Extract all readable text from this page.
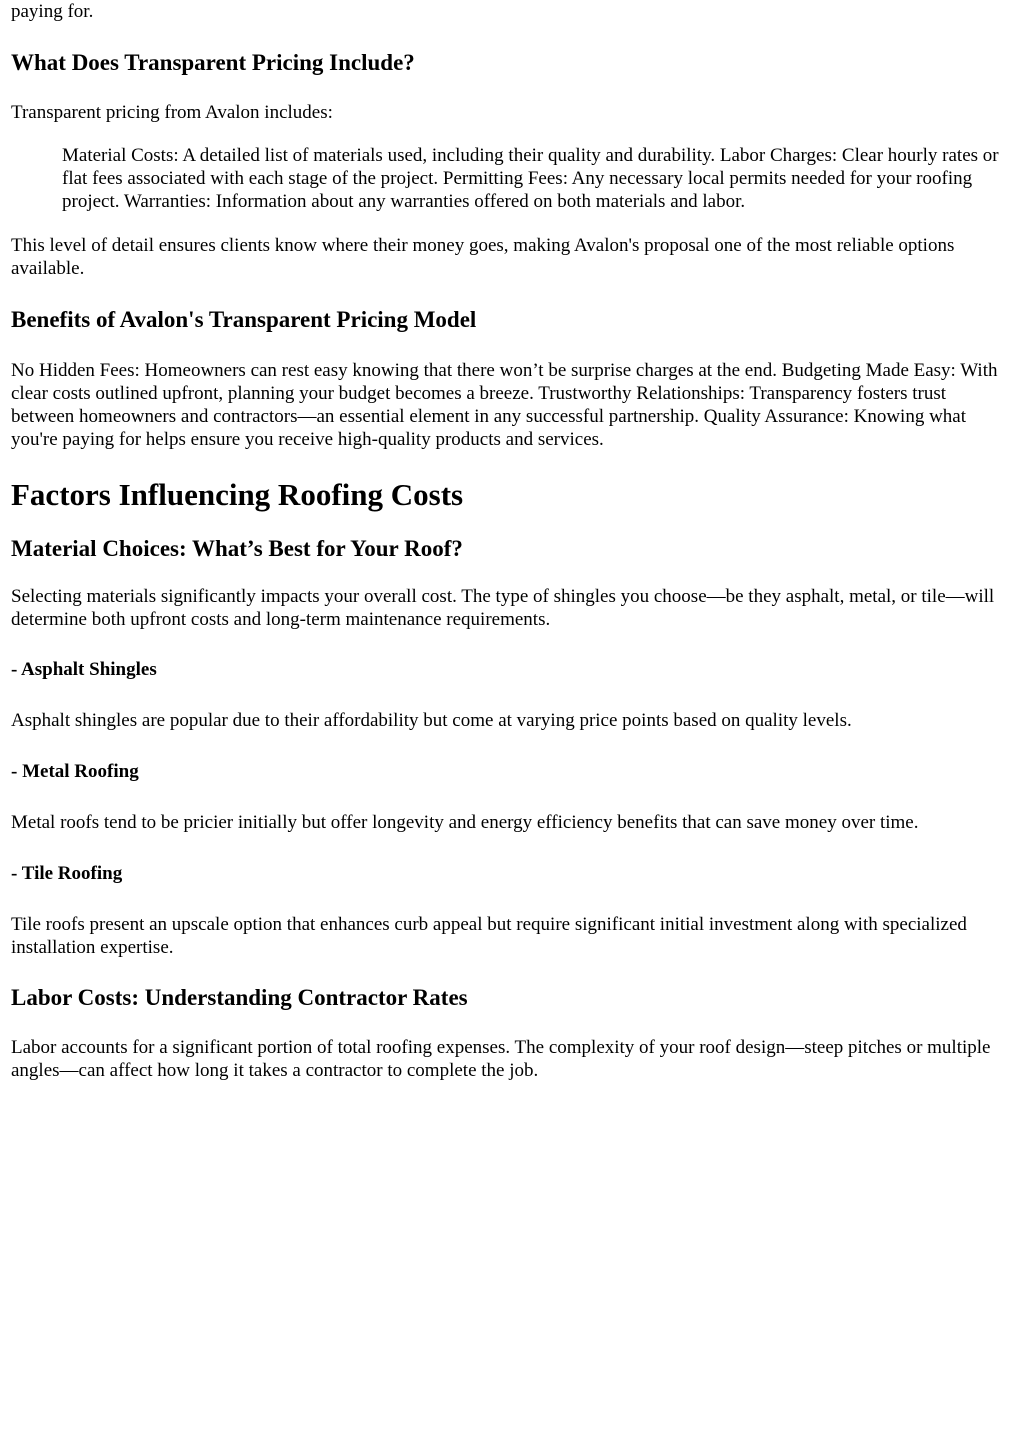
paying for.

What Does Transparent Pricing Include?

Transparent pricing from Avalon includes:

Material Costs: A detailed list of materials used, including their quality and durability. Labor Charges: Clear hourly rates or flat fees associated with each stage of the project. Permitting Fees: Any necessary local permits needed for your roofing project. Warranties: Information about any warranties offered on both materials and labor.

This level of detail ensures clients know where their money goes, making Avalon's proposal one of the most reliable options available.

Benefits of Avalon's Transparent Pricing Model

No Hidden Fees: Homeowners can rest easy knowing that there won’t be surprise charges at the end. Budgeting Made Easy: With clear costs outlined upfront, planning your budget becomes a breeze. Trustworthy Relationships: Transparency fosters trust between homeowners and contractors—an essential element in any successful partnership. Quality Assurance: Knowing what you're paying for helps ensure you receive high-quality products and services.

Factors Influencing Roofing Costs
Material Choices: What’s Best for Your Roof?

Selecting materials significantly impacts your overall cost. The type of shingles you choose—be they asphalt, metal, or tile—will determine both upfront costs and long-term maintenance requirements.

- Asphalt Shingles

Asphalt shingles are popular due to their affordability but come at varying price points based on quality levels.

- Metal Roofing

Metal roofs tend to be pricier initially but offer longevity and energy efficiency benefits that can save money over time.

- Tile Roofing

Tile roofs present an upscale option that enhances curb appeal but require significant initial investment along with specialized installation expertise.

Labor Costs: Understanding Contractor Rates

Labor accounts for a significant portion of total roofing expenses. The complexity of your roof design—steep pitches or multiple angles—can affect how long it takes a contractor to complete the job.
